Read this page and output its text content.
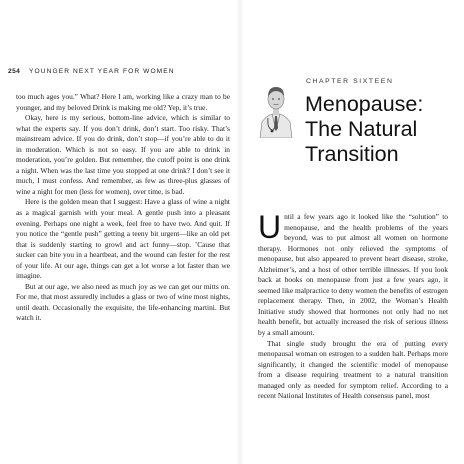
254 YOUNGER NEXT YEAR FOR WOMEN

too much ages you.” What? Here I am, working like a crazy man to be younger, and my beloved Drink is making me old? Yep, it’s true.

Okay, here is my serious, bottom-line advice, which is similar to what the experts say. If you don’t drink, don’t start. Too risky. That’s mainstream advice. If you do drink, don’t stop—if you’re able to do it in moderation. Which is not so easy. If you are able to drink in moderation, you’re golden. But remember, the cutoff point is one drink a night. When was the last time you stopped at one drink? I don’t see it much, I must confess. And remember, as few as three-plus glasses of wine a night for men (less for women), over time, is bad.

Here is the golden mean that I suggest: Have a glass of wine a night as a magical garnish with your meal. A gentle push into a pleasant evening. Perhaps one night a week, feel free to have two. And quit. If you notice the “gentle push” getting a teeny bit urgent—like an old pet that is suddenly starting to growl and act funny—stop. ’Cause that sucker can bite you in a heartbeat, and the wound can fester for the rest of your life. At our age, things can get a lot worse a lot faster than we imagine.

But at our age, we also need as much joy as we can get our mitts on. For me, that most assuredly includes a glass or two of wine most nights, until death. Occasionally the exquisite, the life-enhancing martini. But watch it.

CHAPTER SIXTEEN
Menopause:
The Natural
Transition

Until a few years ago it looked like the “solution” to menopause, and the health problems of the years beyond, was to put almost all women on hormone therapy. Hormones not only relieved the symptoms of menopause, but also appeared to prevent heart disease, stroke, Alzheimer’s, and a host of other terrible illnesses. If you look back at books on menopause from just a few years ago, it seemed like malpractice to deny women the benefits of estrogen replacement therapy. Then, in 2002, the Woman’s Health Initiative study showed that hormones not only had no net health benefit, but actually increased the risk of serious illness by a small amount.

That single study brought the era of putting every menopausal woman on estrogen to a sudden halt. Perhaps more significantly, it changed the scientific model of menopause from a disease requiring treatment to a natural transition managed only as needed for symptom relief. According to a recent National Institutes of Health consensus panel, most
